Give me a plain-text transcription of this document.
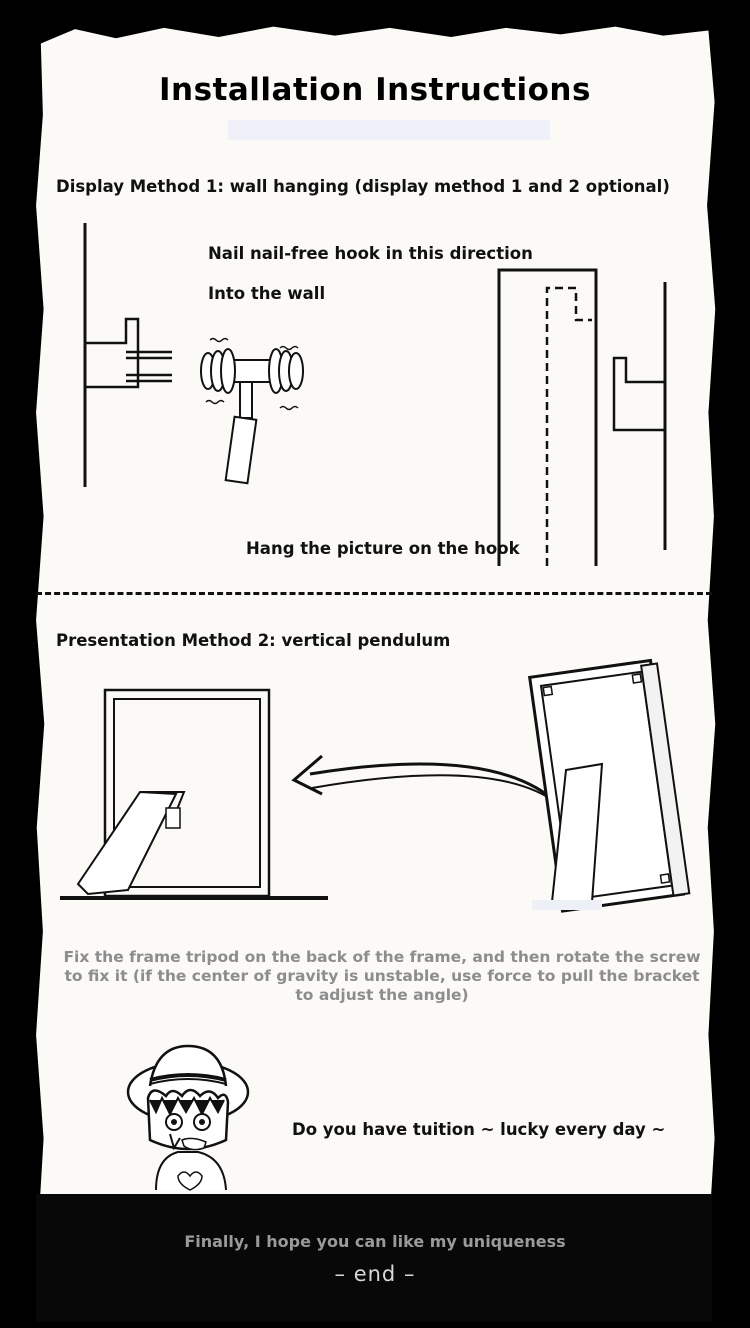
Installation Instructions
Display Method 1: wall hanging (display method 1 and 2 optional)
Nail nail-free hook in this direction
Into the wall
Hang the picture on the hook
Presentation Method 2: vertical pendulum
Fix the frame tripod on the back of the frame, and then rotate the screw to fix it (if the center of gravity is unstable, use force to pull the bracket to adjust the angle)
Do you have tuition ~ lucky every day ~
Finally, I hope you can like my uniqueness
– end –
